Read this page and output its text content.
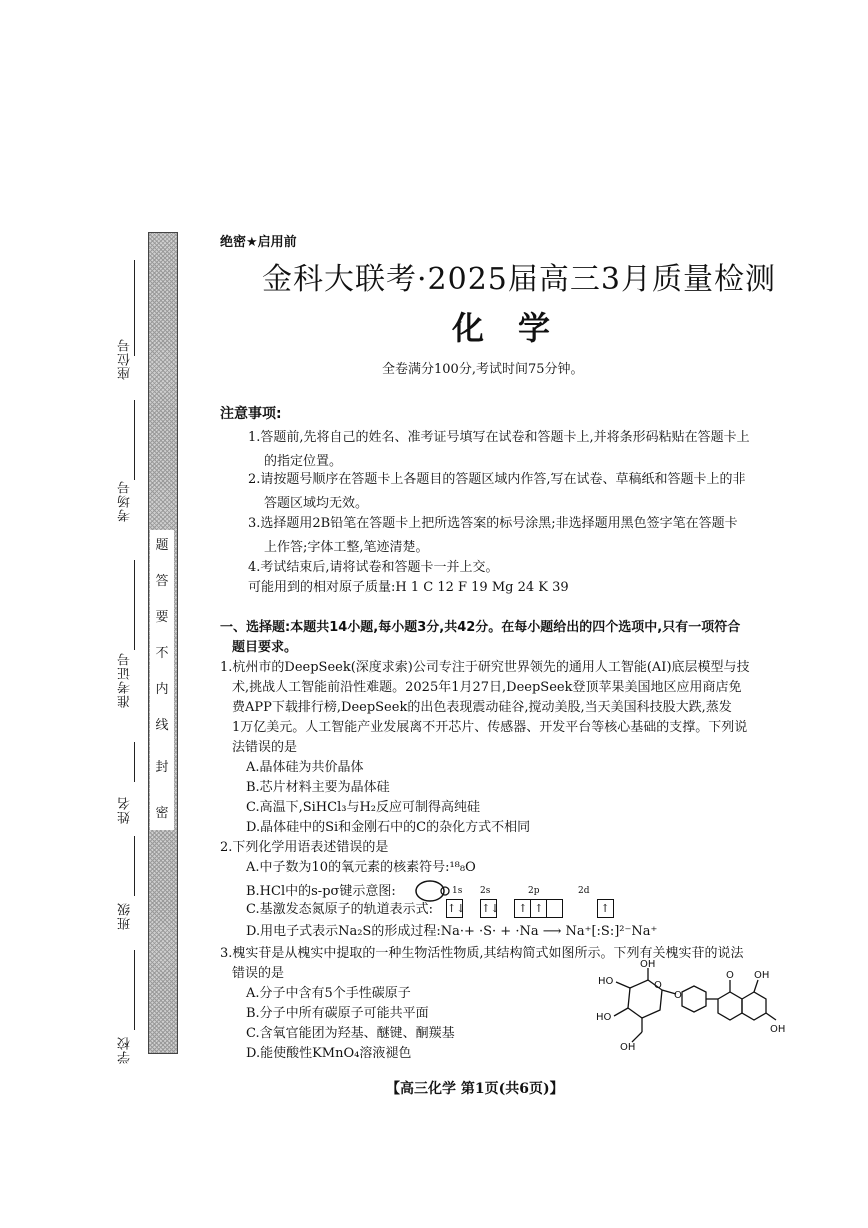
题
答
要
不
内
线
封
密
座位号
考场号
准考证号
姓名
班级
学校
绝密★启用前
金科大联考·2025届高三3月质量检测
化学
全卷满分100分,考试时间75分钟。
注意事项:
1.答题前,先将自己的姓名、准考证号填写在试卷和答题卡上,并将条形码粘贴在答题卡上
的指定位置。
2.请按题号顺序在答题卡上各题目的答题区域内作答,写在试卷、草稿纸和答题卡上的非
答题区域均无效。
3.选择题用2B铅笔在答题卡上把所选答案的标号涂黑;非选择题用黑色签字笔在答题卡
上作答;字体工整,笔迹清楚。
4.考试结束后,请将试卷和答题卡一并上交。
可能用到的相对原子质量:H 1 C 12 F 19 Mg 24 K 39
一、选择题:本题共14小题,每小题3分,共42分。在每小题给出的四个选项中,只有一项符合
题目要求。
1.杭州市的DeepSeek(深度求索)公司专注于研究世界领先的通用人工智能(AI)底层模型与技
术,挑战人工智能前沿性难题。2025年1月27日,DeepSeek登顶苹果美国地区应用商店免
费APP下载排行榜,DeepSeek的出色表现震动硅谷,搅动美股,当天美国科技股大跌,蒸发
1万亿美元。人工智能产业发展离不开芯片、传感器、开发平台等核心基础的支撑。下列说
法错误的是
A.晶体硅为共价晶体
B.芯片材料主要为晶体硅
C.高温下,SiHCl₃与H₂反应可制得高纯硅
D.晶体硅中的Si和金刚石中的C的杂化方式不相同
2.下列化学用语表述错误的是
A.中子数为10的氧元素的核素符号:¹⁸₈O
B.HCl中的s-pσ键示意图:	1s 2s	2p	2d
C.基激发态氮原子的轨道表示式: ↑↓ ↑↓ ↑ ↑	↑
D.用电子式表示Na₂S的形成过程:Na·+ ·S· + ·Na ⟶ Na⁺[:S:]²⁻Na⁺
3.槐实苷是从槐实中提取的一种生物活性物质,其结构简式如图所示。下列有关槐实苷的说法
错误的是
A.分子中含有5个手性碳原子
B.分子中所有碳原子可能共平面
C.含氧官能团为羟基、醚键、酮羰基
D.能使酸性KMnO₄溶液褪色
OH
HO
HO
OH
O
O
OH
O
OH
【高三化学 第1页(共6页)】
